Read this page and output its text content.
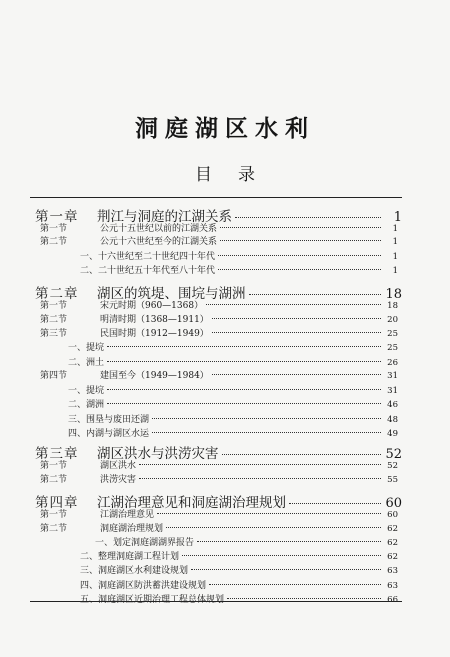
洞庭湖区水利
目录
第一章	荆江与洞庭的江湖关系	1
第一节	公元十五世纪以前的江湖关系	1
第二节	公元十六世纪至今的江湖关系	1
一、十六世纪至二十世纪四十年代	1
二、二十世纪五十年代至八十年代	1
第二章	湖区的筑堤、围垸与湖洲	18
第一节	宋元时期（960—1368）	18
第二节	明清时期（1368—1911）	20
第三节	民国时期（1912—1949）	25
一、提垸	25
二、洲土	26
第四节	建国至今（1949—1984）	31
一、提垸	31
二、湖洲	46
三、围垦与废田还湖	48
四、内湖与湖区水运	49
第三章	湖区洪水与洪涝灾害	52
第一节	湖区洪水	52
第二节	洪涝灾害	55
第四章	江湖治理意见和洞庭湖治理规划	60
第一节	江湖治理意见	60
第二节	洞庭湖治理规划	62
一、划定洞庭湖湖界报告	62
二、整理洞庭湖工程计划	62
三、洞庭湖区水利建设规划	63
四、洞庭湖区防洪蓄洪建设规划	63
五、洞庭湖区近期治理工程总体规划	66
